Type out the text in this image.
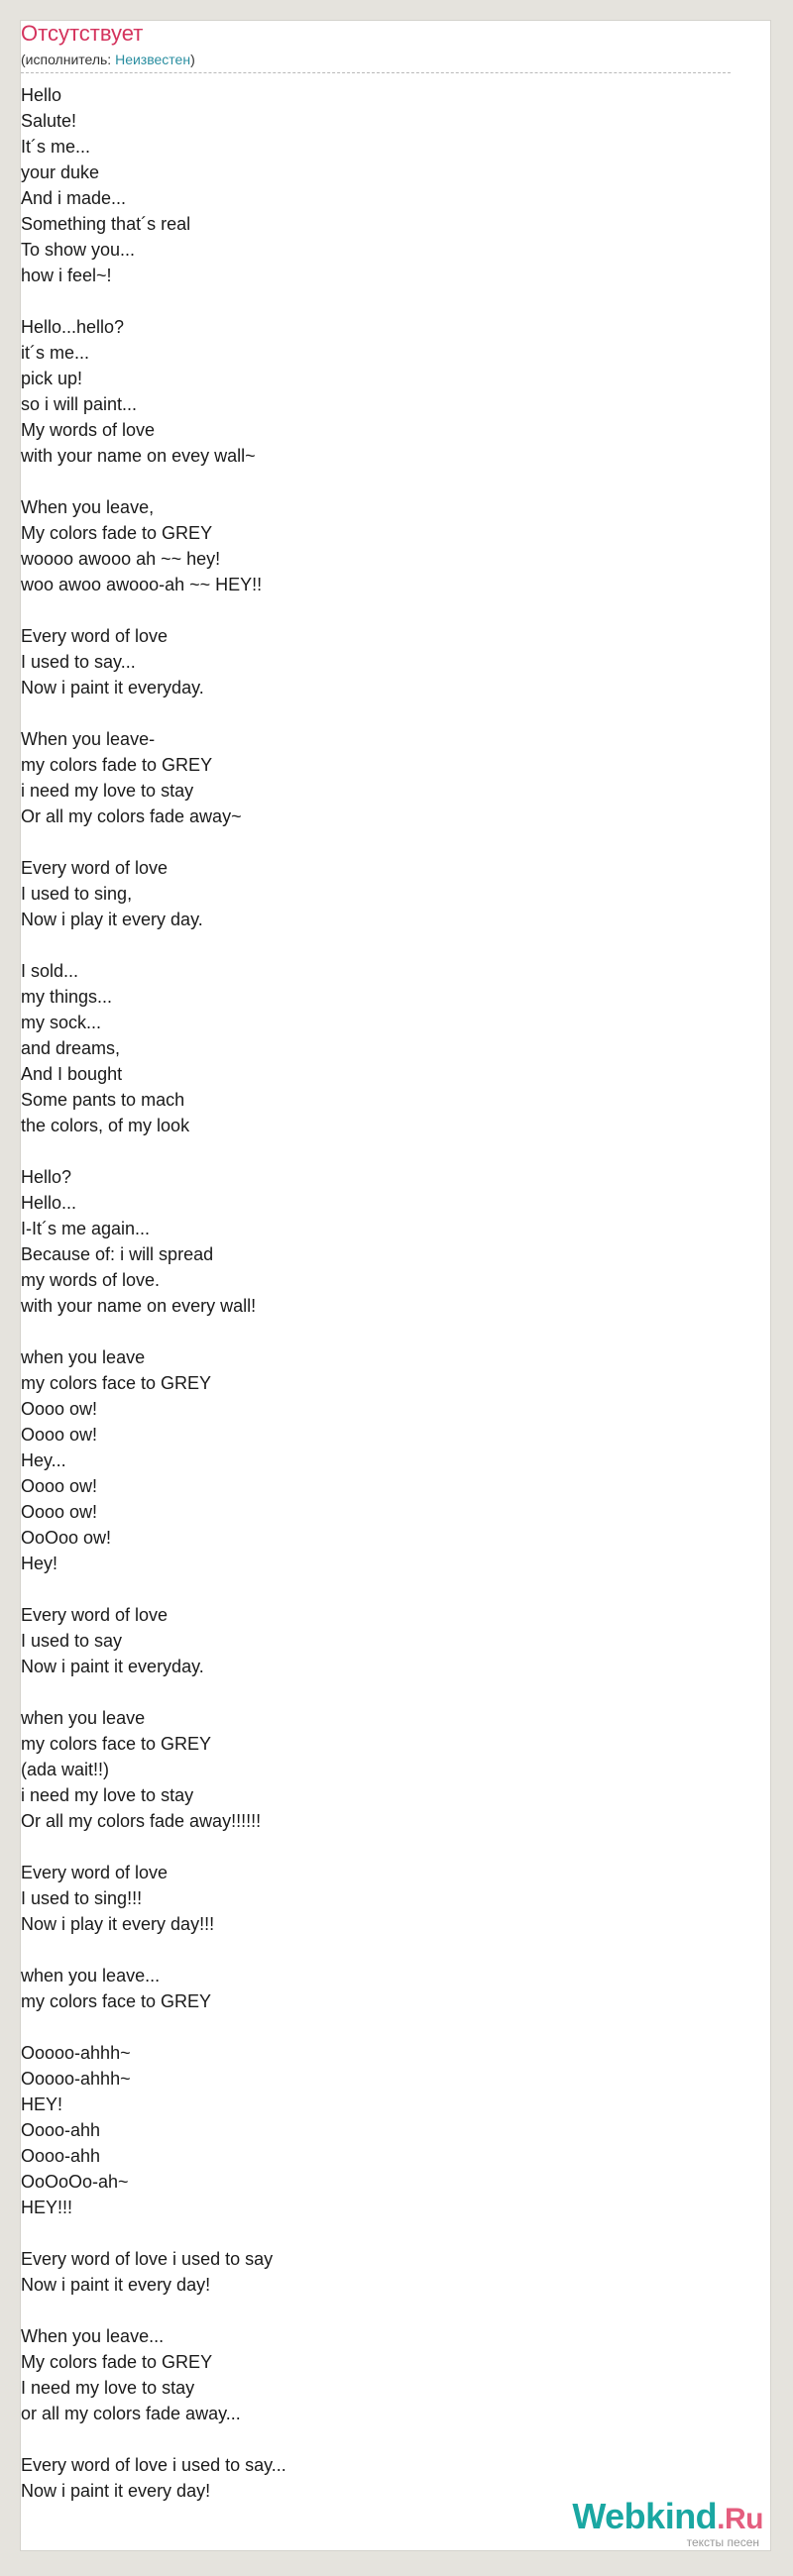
Отсутствует
(исполнитель: Неизвестен)
Hello
Salute!
It´s me...
your duke
And i made...
Something that´s real
To show you...
how i feel~!
Hello...hello?
it´s me...
pick up!
so i will paint...
My words of love
with your name on evey wall~
When you leave,
My colors fade to GREY
woooo awooo ah ~~ hey!
woo awoo awooo-ah ~~ HEY!!
Every word of love
I used to say...
Now i paint it everyday.
When you leave-
my colors fade to GREY
i need my love to stay
Or all my colors fade away~
Every word of love
I used to sing,
Now i play it every day.
I sold...
my things...
my sock...
and dreams,
And I bought
Some pants to mach
the colors, of my look
Hello?
Hello...
I-It´s me again...
Because of: i will spread
my words of love.
with your name on every wall!
when you leave
my colors face to GREY
Oooo ow!
Oooo ow!
Hey...
Oooo ow!
Oooo ow!
OoOoo ow!
Hey!
Every word of love
I used to say
Now i paint it everyday.
when you leave
my colors face to GREY
(ada wait!!)
i need my love to stay
Or all my colors fade away!!!!!!
Every word of love
I used to sing!!!
Now i play it every day!!!
when you leave...
my colors face to GREY
Ooooo-ahhh~
Ooooo-ahhh~
HEY!
Oooo-ahh
Oooo-ahh
OoOoOo-ah~
HEY!!!
Every word of love i used to say
Now i paint it every day!
When you leave...
My colors fade to GREY
I need my love to stay
or all my colors fade away...
Every word of love i used to say...
Now i paint it every day!
Webkind.Ru
тексты песен
